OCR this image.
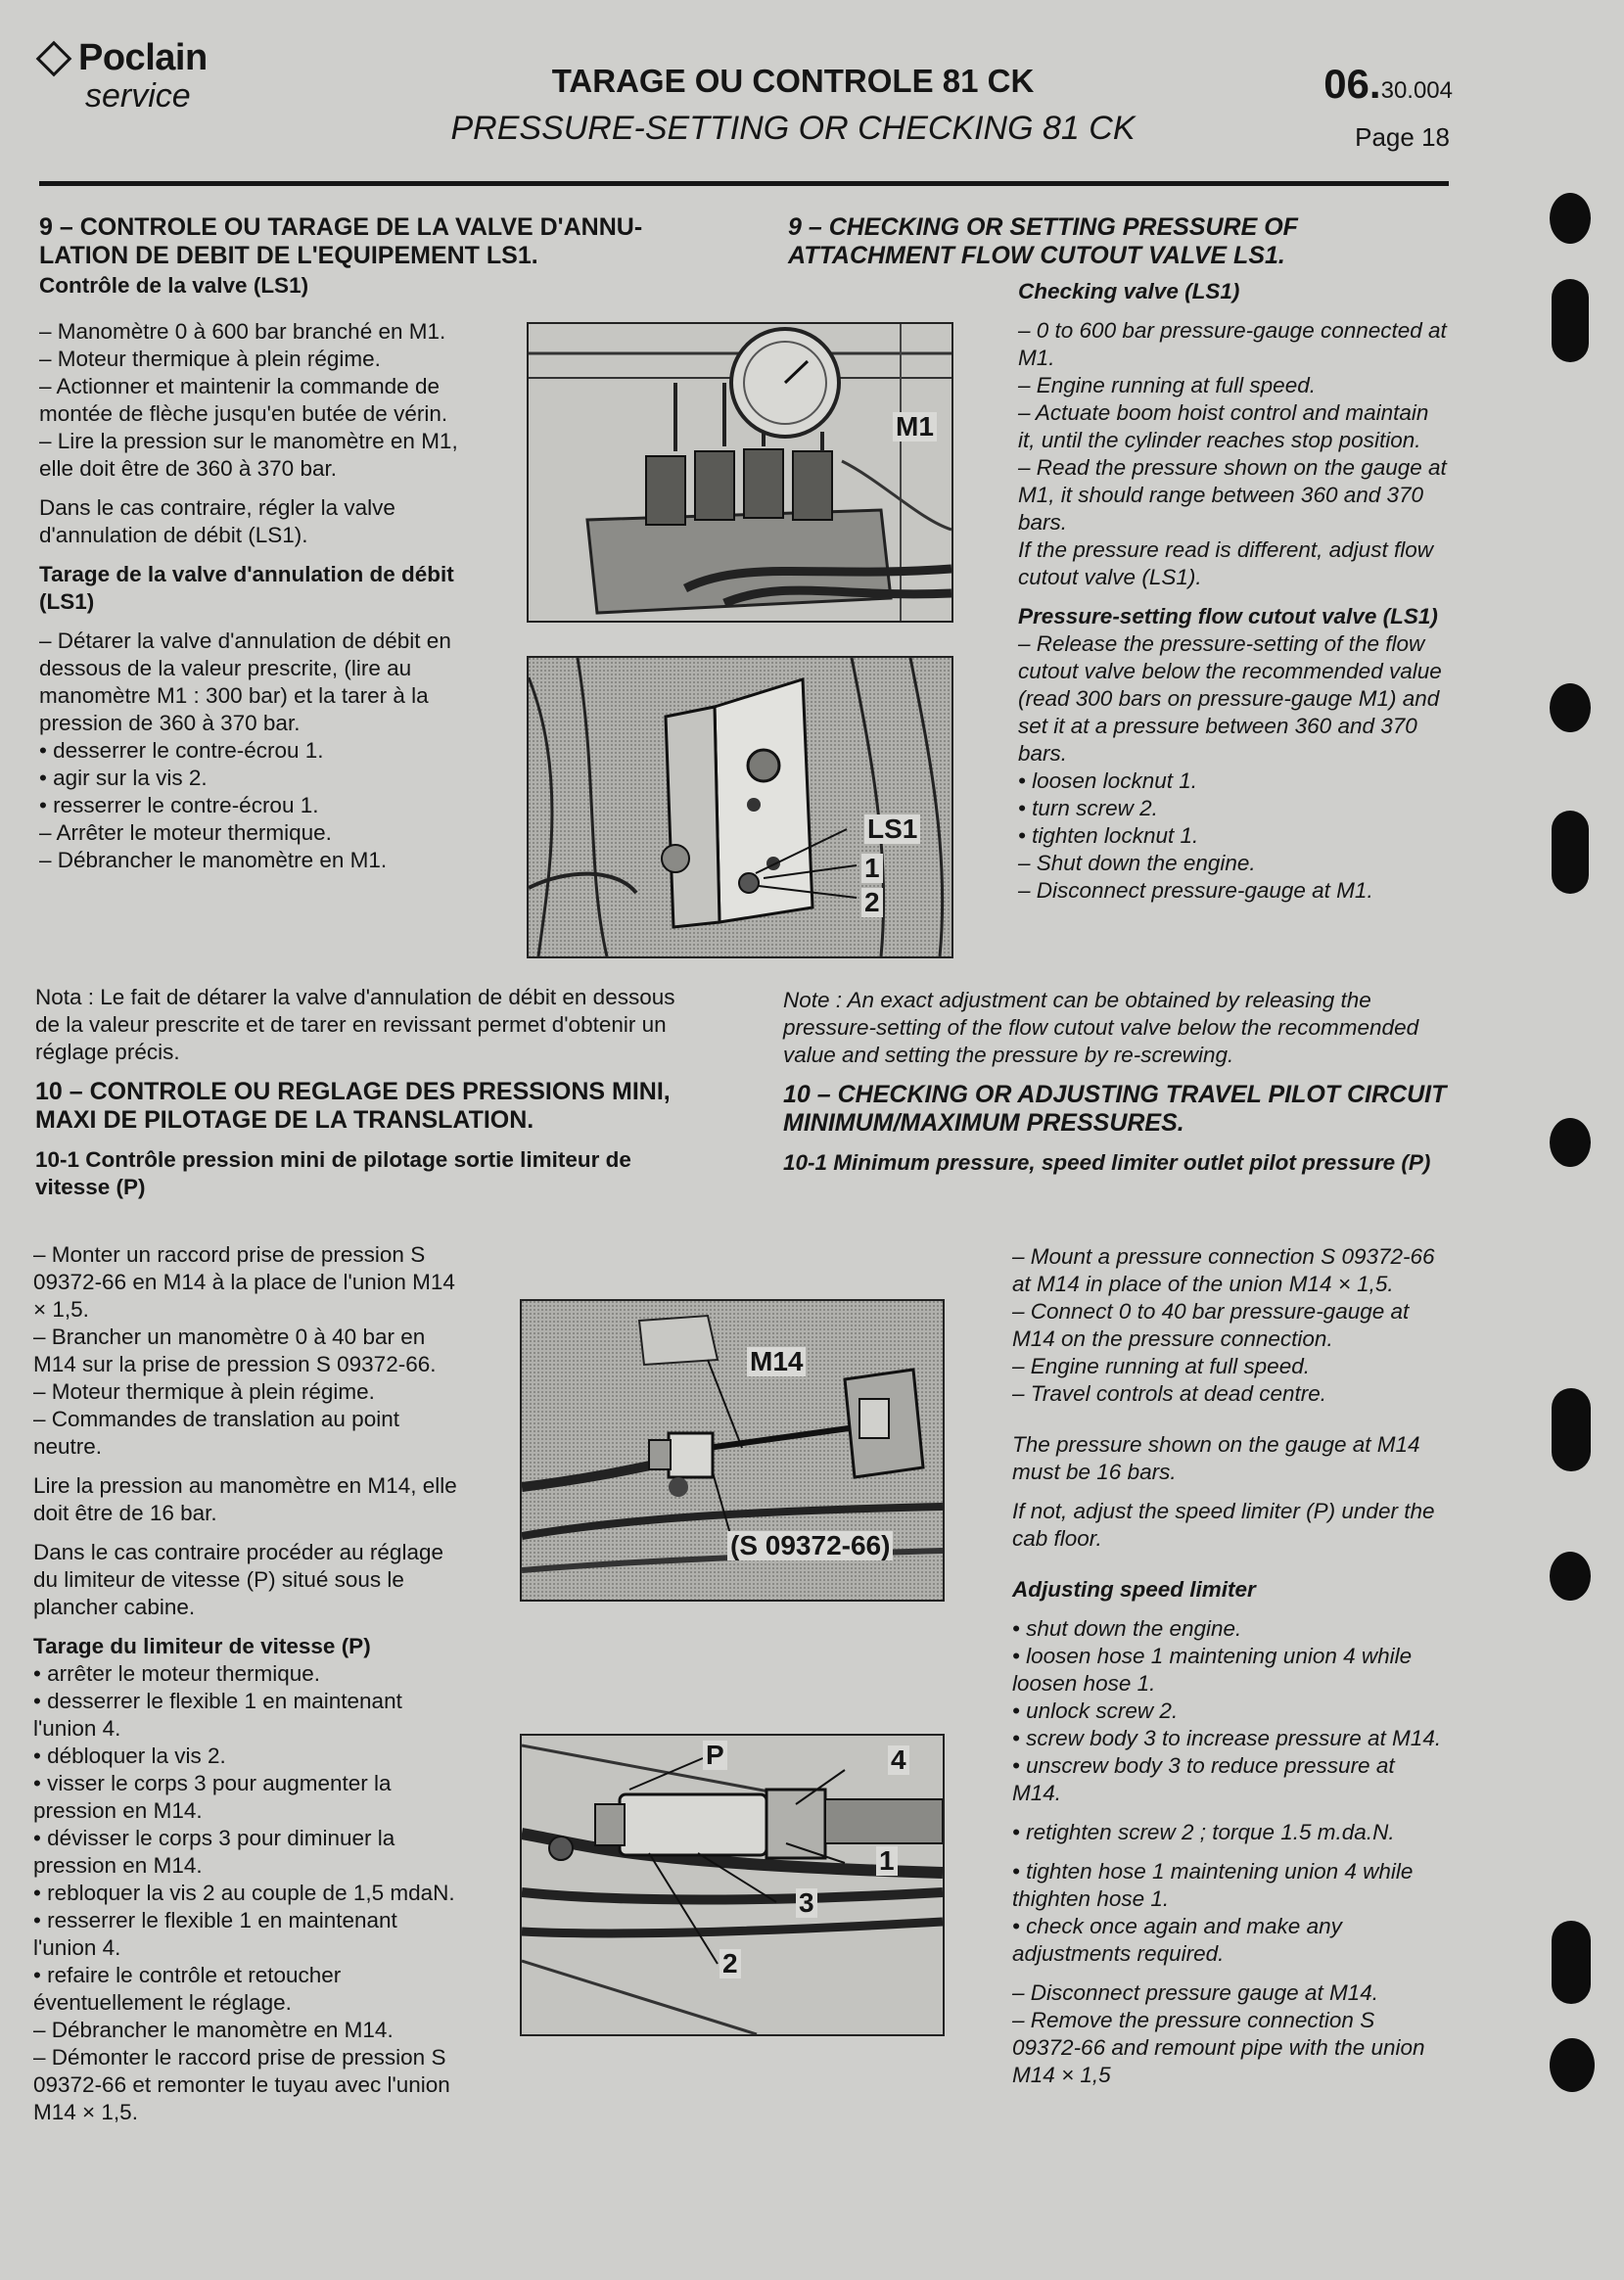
Poclain
service	TARAGE OU CONTROLE 81 CK
PRESSURE-SETTING OR CHECKING 81 CK
06.30.004
Page 18

9 – CONTROLE OU TARAGE DE LA VALVE D'ANNU-LATION DE DEBIT DE L'EQUIPEMENT LS1.

Contrôle de la valve (LS1)

– Manomètre 0 à 600 bar branché en M1.

– Moteur thermique à plein régime.

– Actionner et maintenir la commande de montée de flèche jusqu'en butée de vérin.

– Lire la pression sur le manomètre en M1, elle doit être de 360 à 370 bar.

Dans le cas contraire, régler la valve d'annulation de débit (LS1).

Tarage de la valve d'annulation de débit (LS1)

– Détarer la valve d'annulation de débit en dessous de la valeur prescrite, (lire au manomètre M1 : 300 bar) et la tarer à la pression de 360 à 370 bar.

• desserrer le contre-écrou 1.

• agir sur la vis 2.

• resserrer le contre-écrou 1.

– Arrêter le moteur thermique.

– Débrancher le manomètre en M1.

Nota : Le fait de détarer la valve d'annulation de débit en dessous de la valeur prescrite et de tarer en revissant permet d'obtenir un réglage précis.

10 – CONTROLE OU REGLAGE DES PRESSIONS MINI, MAXI DE PILOTAGE DE LA TRANSLATION.

10-1 Contrôle pression mini de pilotage sortie limiteur de vitesse (P)

– Monter un raccord prise de pression S 09372-66 en M14 à la place de l'union M14 × 1,5.

– Brancher un manomètre 0 à 40 bar en M14 sur la prise de pression S 09372-66.

– Moteur thermique à plein régime.

– Commandes de translation au point neutre.

Lire la pression au manomètre en M14, elle doit être de 16 bar.

Dans le cas contraire procéder au réglage du limiteur de vitesse (P) situé sous le plancher cabine.

Tarage du limiteur de vitesse (P)

• arrêter le moteur thermique.

• desserrer le flexible 1 en maintenant l'union 4.

• débloquer la vis 2.

• visser le corps 3 pour augmenter la pression en M14.

• dévisser le corps 3 pour diminuer la pression en M14.

• rebloquer la vis 2 au couple de 1,5 mdaN.

• resserrer le flexible 1 en maintenant l'union 4.

• refaire le contrôle et retoucher éventuellement le réglage.

– Débrancher le manomètre en M14.

– Démonter le raccord prise de pression S 09372-66 et remonter le tuyau avec l'union M14 × 1,5.

9 – CHECKING OR SETTING PRESSURE OF ATTACHMENT FLOW CUTOUT VALVE LS1.

Checking valve (LS1)

– 0 to 600 bar pressure-gauge connected at M1.

– Engine running at full speed.

– Actuate boom hoist control and maintain it, until the cylinder reaches stop position.

– Read the pressure shown on the gauge at M1, it should range between 360 and 370 bars.

If the pressure read is different, adjust flow cutout valve (LS1).

Pressure-setting flow cutout valve (LS1)

– Release the pressure-setting of the flow cutout valve below the recommended value (read 300 bars on pressure-gauge M1) and set it at a pressure between 360 and 370 bars.

• loosen locknut 1.

• turn screw 2.

• tighten locknut 1.

– Shut down the engine.

– Disconnect pressure-gauge at M1.

Note : An exact adjustment can be obtained by releasing the pressure-setting of the flow cutout valve below the recommended value and setting the pressure by re-screwing.

10 – CHECKING OR ADJUSTING TRAVEL PILOT CIRCUIT MINIMUM/MAXIMUM PRESSURES.

10-1 Minimum pressure, speed limiter outlet pilot pressure (P)

– Mount a pressure connection S 09372-66 at M14 in place of the union M14 × 1,5.

– Connect 0 to 40 bar pressure-gauge at M14 on the pressure connection.

– Engine running at full speed.

– Travel controls at dead centre.

The pressure shown on the gauge at M14 must be 16 bars.

If not, adjust the speed limiter (P) under the cab floor.

Adjusting speed limiter

• shut down the engine.

• loosen hose 1 maintening union 4 while loosen hose 1.

• unlock screw 2.

• screw body 3 to increase pressure at M14.

• unscrew body 3 to reduce pressure at M14.

• retighten screw 2 ; torque 1.5 m.da.N.

• tighten hose 1 maintening union 4 while thighten hose 1.

• check once again and make any adjustments required.

– Disconnect pressure gauge at M14.

– Remove the pressure connection S 09372-66 and remount pipe with the union M14 × 1,5

M1
LS1
1
2
M14
(S 09372-66)
P	4
1
3
2
